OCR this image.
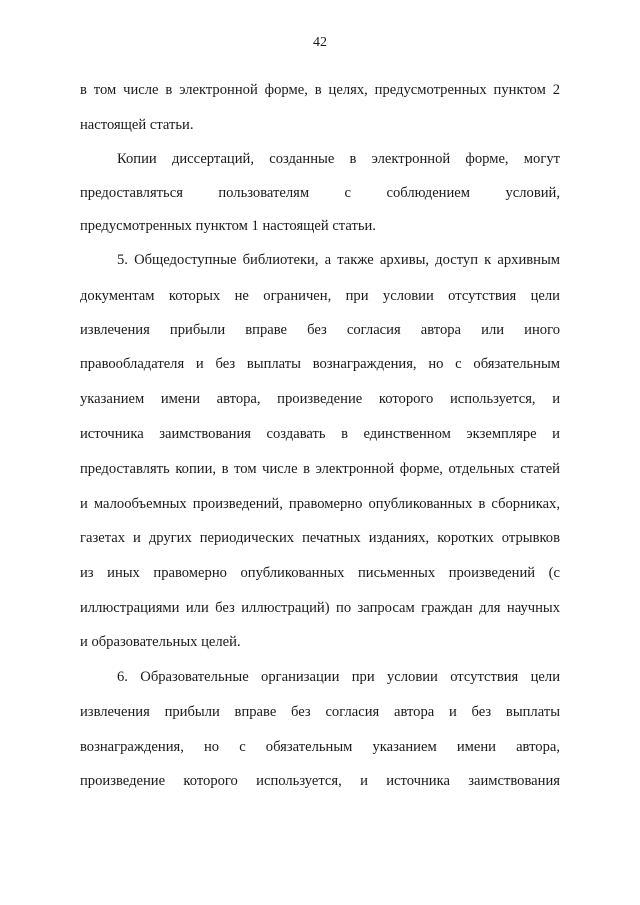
42
в том числе в электронной форме, в целях, предусмотренных пунктом 2
настоящей статьи.
Копии диссертаций, созданные в электронной форме, могут
предоставляться пользователям с соблюдением условий,
предусмотренных пунктом 1 настоящей статьи.
5. Общедоступные библиотеки, а также архивы, доступ к архивным
документам которых не ограничен, при условии отсутствия цели
извлечения прибыли вправе без согласия автора или иного
правообладателя и без выплаты вознаграждения, но с обязательным
указанием имени автора, произведение которого используется, и
источника заимствования создавать в единственном экземпляре и
предоставлять копии, в том числе в электронной форме, отдельных статей
и малообъемных произведений, правомерно опубликованных в сборниках,
газетах и других периодических печатных изданиях, коротких отрывков
из иных правомерно опубликованных письменных произведений (с
иллюстрациями или без иллюстраций) по запросам граждан для научных
и образовательных целей.
6. Образовательные организации при условии отсутствия цели
извлечения прибыли вправе без согласия автора и без выплаты
вознаграждения, но с обязательным указанием имени автора,
произведение которого используется, и источника заимствования
